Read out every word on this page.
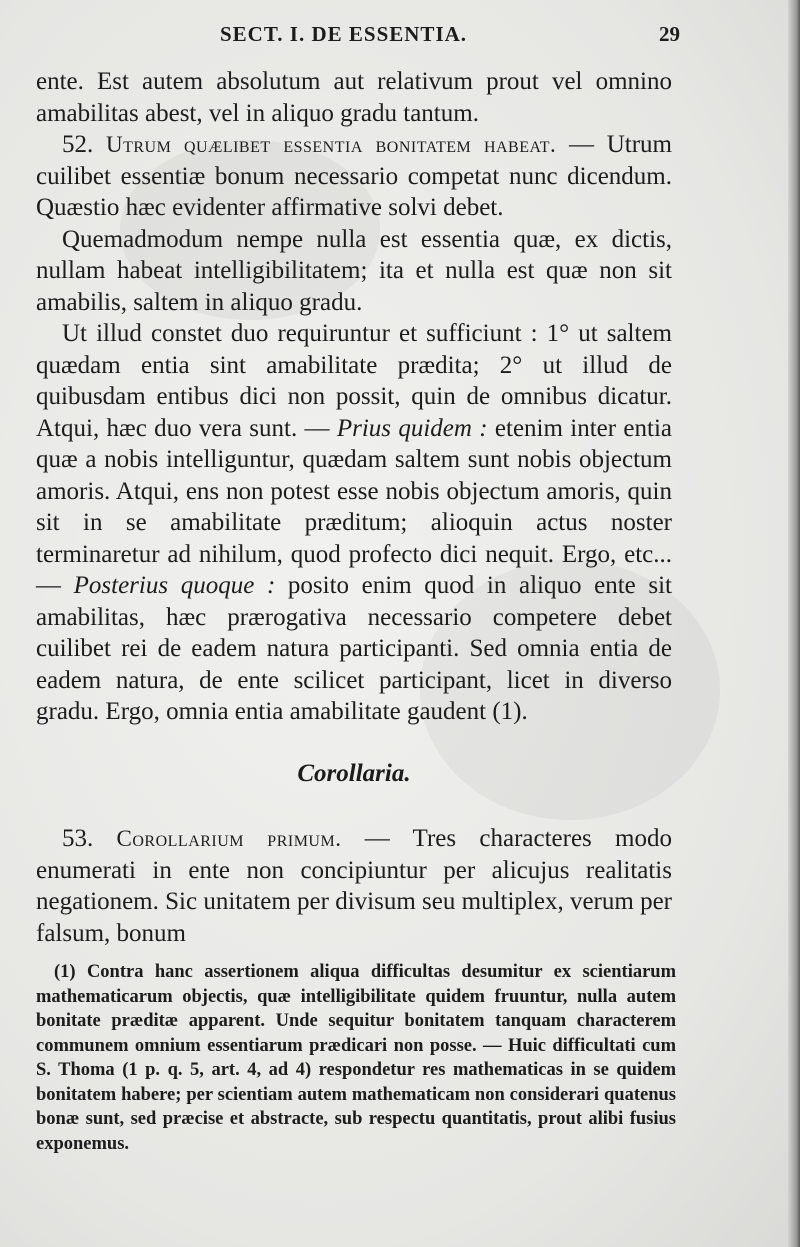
SECT. I. DE ESSENTIA.	29

ente. Est autem absolutum aut relativum prout vel omnino amabilitas abest, vel in aliquo gradu tantum.

52. Utrum quælibet essentia bonitatem habeat. — Utrum cuilibet essentiæ bonum necessario competat nunc dicendum. Quæstio hæc evidenter affirmative solvi debet.

Quemadmodum nempe nulla est essentia quæ, ex dictis, nullam habeat intelligibilitatem; ita et nulla est quæ non sit amabilis, saltem in aliquo gradu.

Ut illud constet duo requiruntur et sufficiunt : 1° ut saltem quædam entia sint amabilitate prædita; 2° ut illud de quibusdam entibus dici non possit, quin de omnibus dicatur. Atqui, hæc duo vera sunt. — Prius quidem : etenim inter entia quæ a nobis intelliguntur, quædam saltem sunt nobis objectum amoris. Atqui, ens non potest esse nobis objectum amoris, quin sit in se amabilitate præditum; alioquin actus noster terminaretur ad nihilum, quod profecto dici nequit. Ergo, etc... — Posterius quoque : posito enim quod in aliquo ente sit amabilitas, hæc prærogativa necessario competere debet cuilibet rei de eadem natura participanti. Sed omnia entia de eadem natura, de ente scilicet participant, licet in diverso gradu. Ergo, omnia entia amabilitate gaudent (1).

Corollaria.

53. Corollarium primum. — Tres characteres modo enumerati in ente non concipiuntur per alicujus realitatis negationem. Sic unitatem per divisum seu multiplex, verum per falsum, bonum

(1) Contra hanc assertionem aliqua difficultas desumitur ex scientiarum mathematicarum objectis, quæ intelligibilitate quidem fruuntur, nulla autem bonitate præditæ apparent. Unde sequitur bonitatem tanquam characterem communem omnium essentiarum prædicari non posse. — Huic difficultati cum S. Thoma (1 p. q. 5, art. 4, ad 4) respondetur res mathematicas in se quidem bonitatem habere; per scientiam autem mathematicam non considerari quatenus bonæ sunt, sed præcise et abstracte, sub respectu quantitatis, prout alibi fusius exponemus.
